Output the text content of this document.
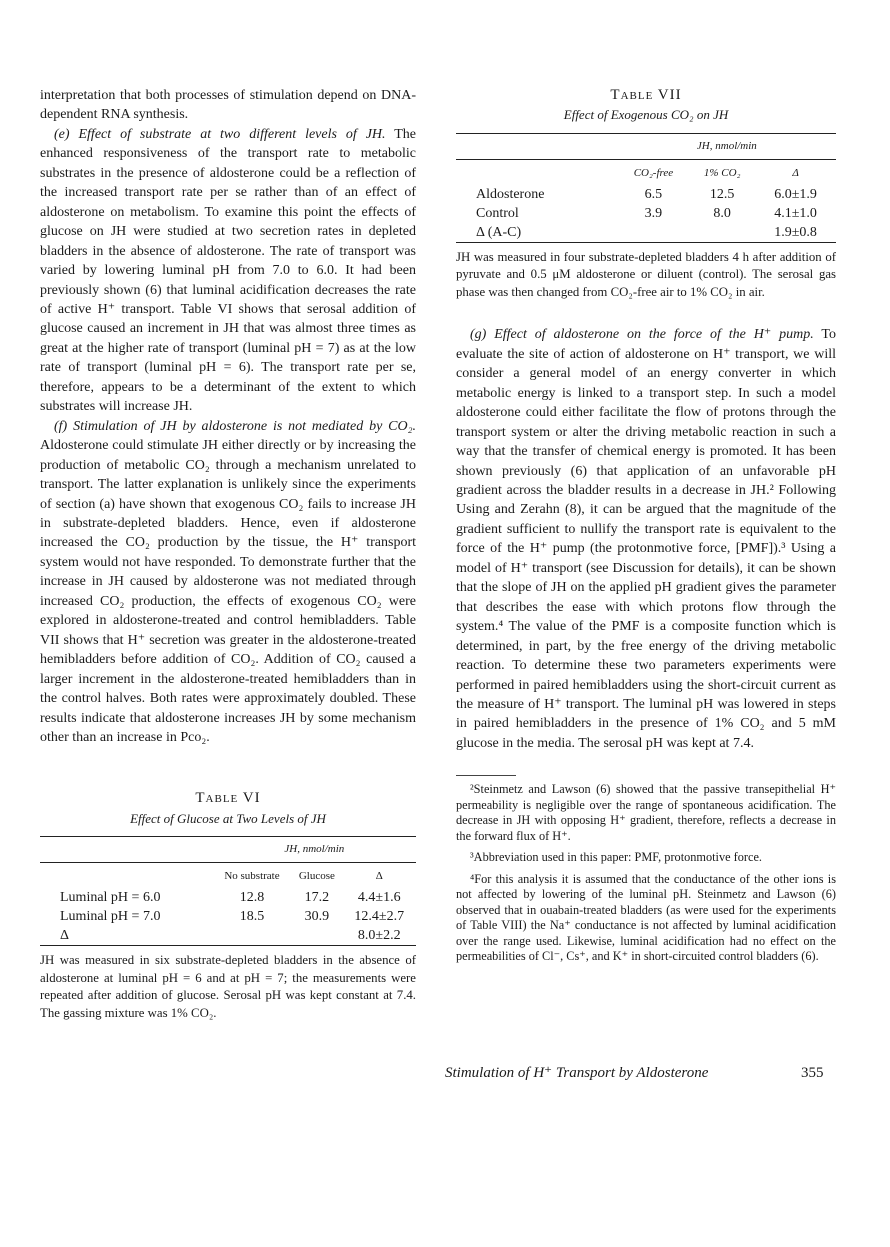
interpretation that both processes of stimulation depend on DNA-dependent RNA synthesis.

(e) Effect of substrate at two different levels of JH. The enhanced responsiveness of the transport rate to metabolic substrates in the presence of aldosterone could be a reflection of the increased transport rate per se rather than of an effect of aldosterone on metabolism. To examine this point the effects of glucose on JH were studied at two secretion rates in depleted bladders in the absence of aldosterone. The rate of transport was varied by lowering luminal pH from 7.0 to 6.0. It had been previously shown (6) that luminal acidification decreases the rate of active H⁺ transport. Table VI shows that serosal addition of glucose caused an increment in JH that was almost three times as great at the higher rate of transport (luminal pH = 7) as at the low rate of transport (luminal pH = 6). The transport rate per se, therefore, appears to be a determinant of the extent to which substrates will increase JH.

(f) Stimulation of JH by aldosterone is not mediated by CO₂. Aldosterone could stimulate JH either directly or by increasing the production of metabolic CO₂ through a mechanism unrelated to transport. The latter explanation is unlikely since the experiments of section (a) have shown that exogenous CO₂ fails to increase JH in substrate-depleted bladders. Hence, even if aldosterone increased the CO₂ production by the tissue, the H⁺ transport system would not have responded. To demonstrate further that the increase in JH caused by aldosterone was not mediated through increased CO₂ production, the effects of exogenous CO₂ were explored in aldosterone-treated and control hemibladders. Table VII shows that H⁺ secretion was greater in the aldosterone-treated hemibladders before addition of CO₂. Addition of CO₂ caused a larger increment in the aldosterone-treated hemibladders than in the control halves. Both rates were approximately doubled. These results indicate that aldosterone increases JH by some mechanism other than an increase in Pco₂.

Table VI

Effect of Glucose at Two Levels of JH

	JH, nmol/min		
	No substrate	Glucose	Δ
Luminal pH = 6.0	12.8	17.2	4.4±1.6
Luminal pH = 7.0	18.5	30.9	12.4±2.7
Δ			8.0±2.2

JH was measured in six substrate-depleted bladders in the absence of aldosterone at luminal pH = 6 and at pH = 7; the measurements were repeated after addition of glucose. Serosal pH was kept constant at 7.4. The gassing mixture was 1% CO₂.

Table VII

Effect of Exogenous CO₂ on JH

	JH, nmol/min		
	CO₂-free	1% CO₂	Δ
Aldosterone	6.5	12.5	6.0±1.9
Control	3.9	8.0	4.1±1.0
Δ (A-C)			1.9±0.8

JH was measured in four substrate-depleted bladders 4 h after addition of pyruvate and 0.5 μM aldosterone or diluent (control). The serosal gas phase was then changed from CO₂-free air to 1% CO₂ in air.

(g) Effect of aldosterone on the force of the H⁺ pump. To evaluate the site of action of aldosterone on H⁺ transport, we will consider a general model of an energy converter in which metabolic energy is linked to a transport step. In such a model aldosterone could either facilitate the flow of protons through the transport system or alter the driving metabolic reaction in such a way that the transfer of chemical energy is promoted. It has been shown previously (6) that application of an unfavorable pH gradient across the bladder results in a decrease in JH.² Following Using and Zerahn (8), it can be argued that the magnitude of the gradient sufficient to nullify the transport rate is equivalent to the force of the H⁺ pump (the protonmotive force, [PMF]).³ Using a model of H⁺ transport (see Discussion for details), it can be shown that the slope of JH on the applied pH gradient gives the parameter that describes the ease with which protons flow through the system.⁴ The value of the PMF is a composite function which is determined, in part, by the free energy of the driving metabolic reaction. To determine these two parameters experiments were performed in paired hemibladders using the short-circuit current as the measure of H⁺ transport. The luminal pH was lowered in steps in paired hemibladders in the presence of 1% CO₂ and 5 mM glucose in the media. The serosal pH was kept at 7.4.

²Steinmetz and Lawson (6) showed that the passive transepithelial H⁺ permeability is negligible over the range of spontaneous acidification. The decrease in JH with opposing H⁺ gradient, therefore, reflects a decrease in the forward flux of H⁺.

³Abbreviation used in this paper: PMF, protonmotive force.

⁴For this analysis it is assumed that the conductance of the other ions is not affected by lowering of the luminal pH. Steinmetz and Lawson (6) observed that in ouabain-treated bladders (as were used for the experiments of Table VIII) the Na⁺ conductance is not affected by luminal acidification over the range used. Likewise, luminal acidification had no effect on the permeabilities of Cl⁻, Cs⁺, and K⁺ in short-circuited control bladders (6).

Stimulation of H⁺ Transport by Aldosterone	355
